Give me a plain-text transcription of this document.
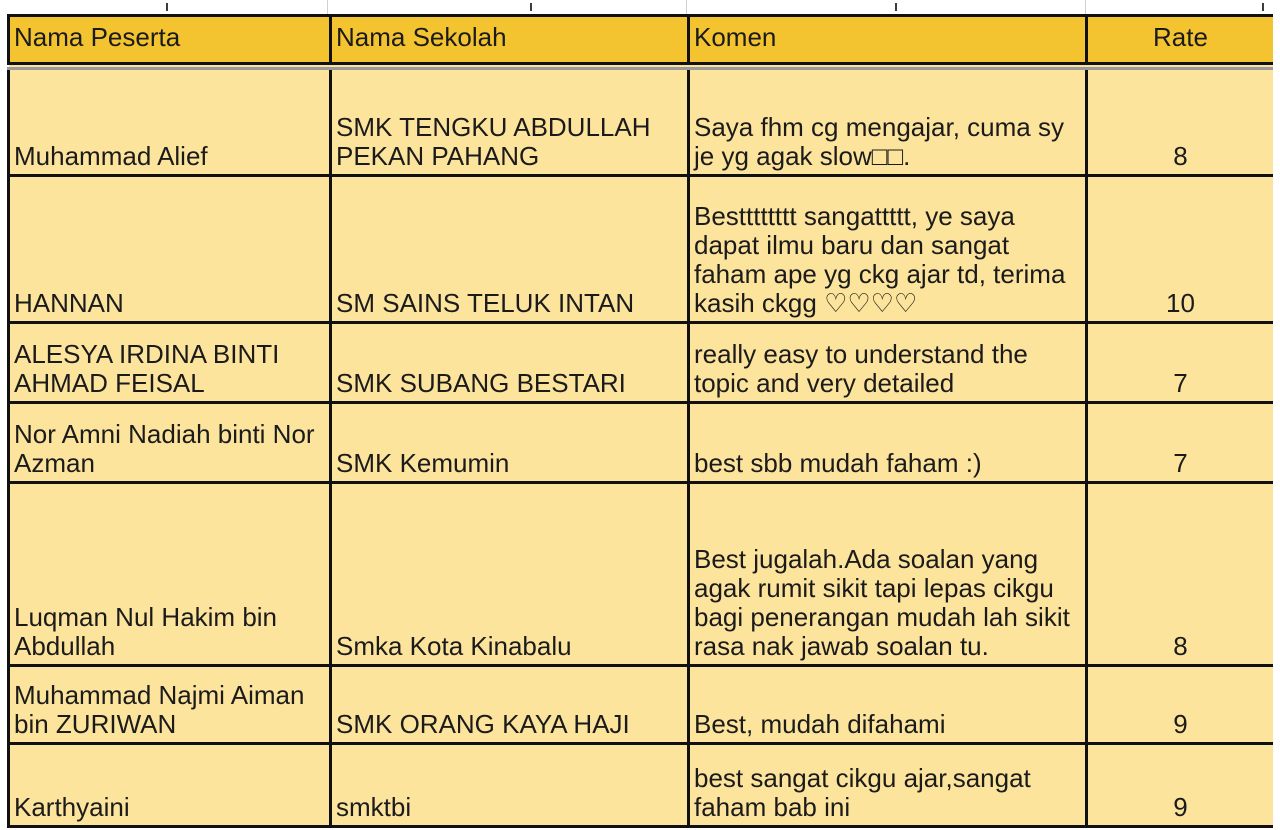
Nama Peserta	Nama Sekolah	Komen	Rate

Muhammad Alief	SMK TENGKU ABDULLAH PEKAN PAHANG	Saya fhm cg mengajar, cuma sy je yg agak slow□□.	8
HANNAN	SM SAINS TELUK INTAN	Bestttttttt sangattttt, ye saya dapat ilmu baru dan sangat faham ape yg ckg ajar td, terima kasih ckgg ♡♡♡♡	10
ALESYA IRDINA BINTI AHMAD FEISAL	SMK SUBANG BESTARI	really easy to understand the topic and very detailed	7
Nor Amni Nadiah binti Nor Azman	SMK Kemumin	best sbb mudah faham :)	7
Luqman Nul Hakim bin Abdullah	Smka Kota Kinabalu	Best jugalah.Ada soalan yang agak rumit sikit tapi lepas cikgu bagi penerangan mudah lah sikit rasa nak jawab soalan tu.	8
Muhammad Najmi Aiman bin ZURIWAN	SMK ORANG KAYA HAJI	Best, mudah difahami	9
Karthyaini	smktbi	best sangat cikgu ajar,sangat faham bab ini	9
